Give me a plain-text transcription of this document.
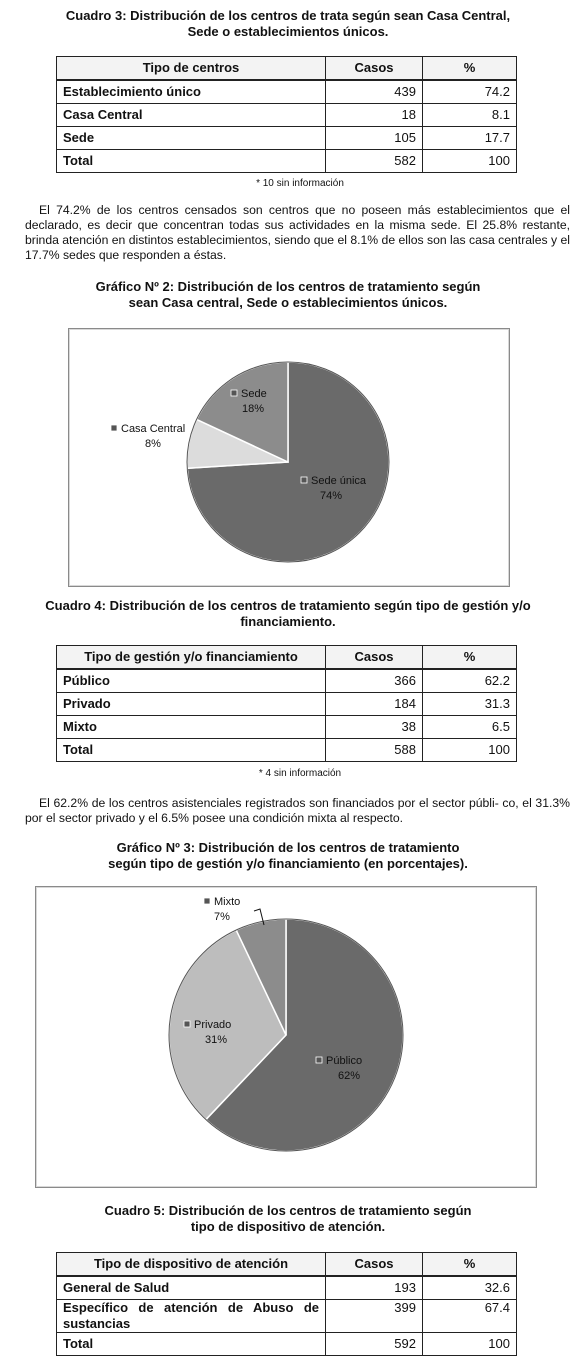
Cuadro 3: Distribución de los centros de trata según sean Casa Central,
Sede o establecimientos únicos.
Tipo de centros	Casos	%
Establecimiento único	439	74.2
Casa Central	18	8.1
Sede	105	17.7
Total	582	100
* 10 sin información

El 74.2% de los centros censados son centros que no poseen más establecimientos que el declarado, es decir que concentran todas sus actividades en la misma sede. El 25.8% restante, brinda atención en distintos establecimientos, siendo que el 8.1% de ellos son las casa centrales y el 17.7% sedes que responden a éstas.

Gráfico Nº 2: Distribución de los centros de tratamiento según
sean Casa central, Sede o establecimientos únicos.
Sede única
74%
Casa Central
8%
Sede
18%
Cuadro 4: Distribución de los centros de tratamiento según tipo de gestión y/o
financiamiento.
Tipo de gestión y/o financiamiento	Casos	%
Público	366	62.2
Privado	184	31.3
Mixto	38	6.5
Total	588	100
* 4 sin información

El 62.2% de los centros asistenciales registrados son financiados por el sector públi- co, el 31.3% por el sector privado y el 6.5% posee una condición mixta al respecto.

Gráfico Nº 3: Distribución de los centros de tratamiento
según tipo de gestión y/o financiamiento (en porcentajes).
Público
62%
Privado
31%
Mixto
7%
Cuadro 5: Distribución de los centros de tratamiento según
tipo de dispositivo de atención.
Tipo de dispositivo de atención	Casos	%
General de Salud	193	32.6
Específico de atención de Abuso de sustancias	399	67.4
Total	592	100
